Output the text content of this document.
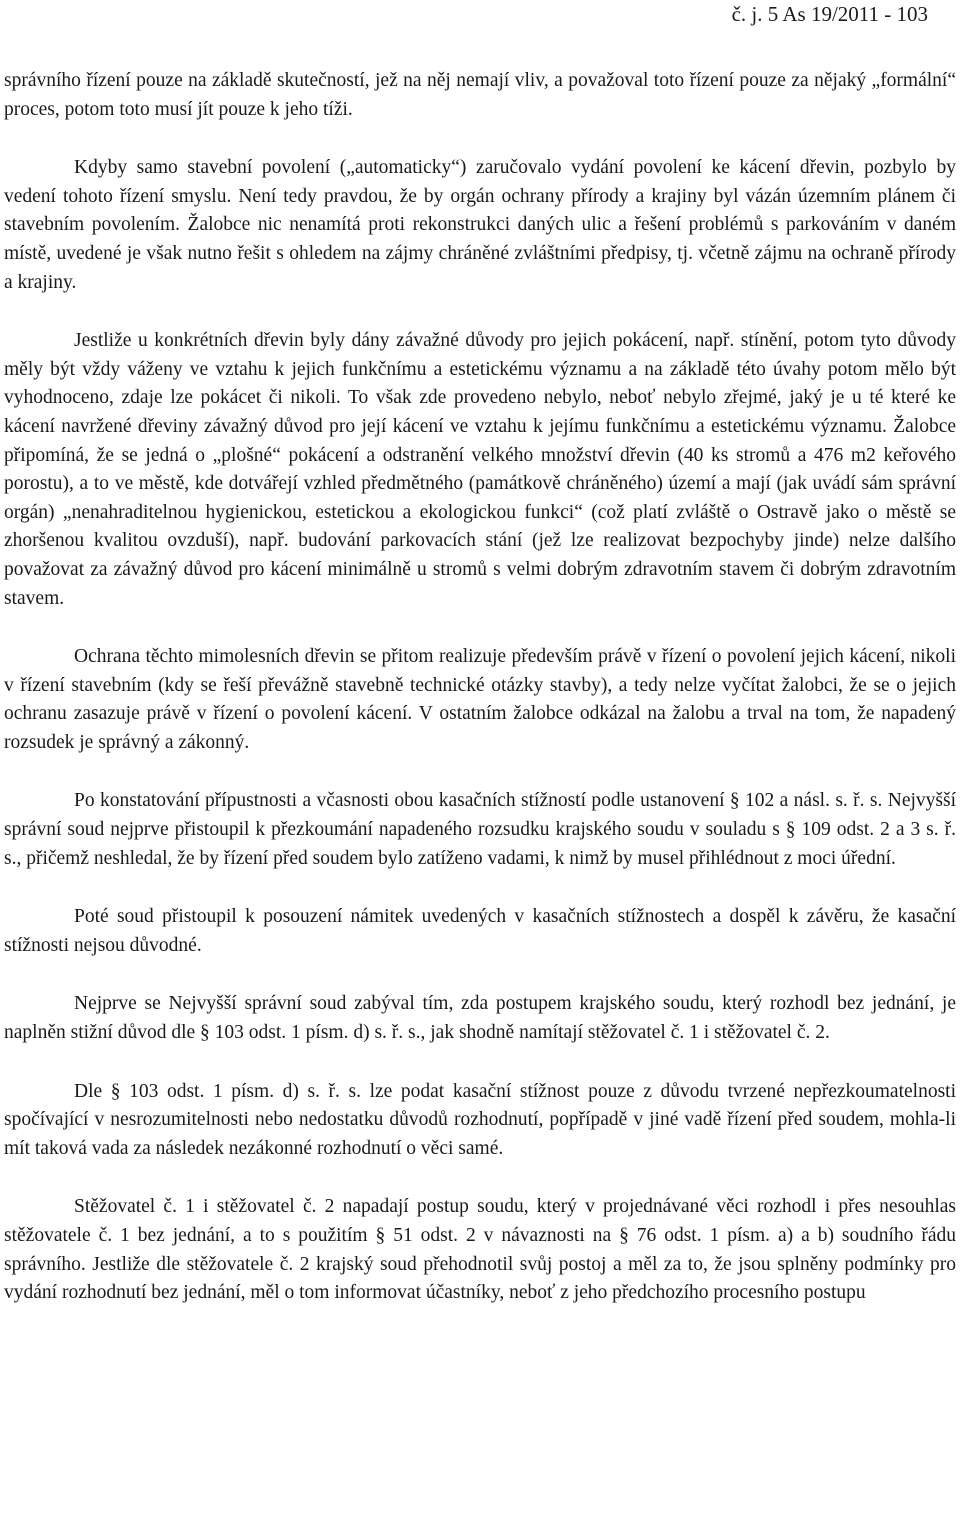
č. j. 5 As 19/2011 - 103

správního řízení pouze na základě skutečností, jež na něj nemají vliv, a považoval toto řízení pouze za nějaký „formální“ proces, potom toto musí jít pouze k jeho tíži.

Kdyby samo stavební povolení („automaticky“) zaručovalo vydání povolení ke kácení dřevin, pozbylo by vedení tohoto řízení smyslu. Není tedy pravdou, že by orgán ochrany přírody a krajiny byl vázán územním plánem či stavebním povolením. Žalobce nic nenamítá proti rekonstrukci daných ulic a řešení problémů s parkováním v daném místě, uvedené je však nutno řešit s ohledem na zájmy chráněné zvláštními předpisy, tj. včetně zájmu na ochraně přírody a krajiny.

Jestliže u konkrétních dřevin byly dány závažné důvody pro jejich pokácení, např. stínění, potom tyto důvody měly být vždy váženy ve vztahu k jejich funkčnímu a estetickému významu a na základě této úvahy potom mělo být vyhodnoceno, zdaje lze pokácet či nikoli. To však zde provedeno nebylo, neboť nebylo zřejmé, jaký je u té které ke kácení navržené dřeviny závažný důvod pro její kácení ve vztahu k jejímu funkčnímu a estetickému významu. Žalobce připomíná, že se jedná o „plošné“ pokácení a odstranění velkého množství dřevin (40 ks stromů a 476 m2 keřového porostu), a to ve městě, kde dotvářejí vzhled předmětného (památkově chráněného) území a mají (jak uvádí sám správní orgán) „nenahraditelnou hygienickou, estetickou a ekologickou funkci“ (což platí zvláště o Ostravě jako o městě se zhoršenou kvalitou ovzduší), např. budování parkovacích stání (jež lze realizovat bezpochyby jinde) nelze dalšího považovat za závažný důvod pro kácení minimálně u stromů s velmi dobrým zdravotním stavem či dobrým zdravotním stavem.

Ochrana těchto mimolesních dřevin se přitom realizuje především právě v řízení o povolení jejich kácení, nikoli v řízení stavebním (kdy se řeší převážně stavebně technické otázky stavby), a tedy nelze vyčítat žalobci, že se o jejich ochranu zasazuje právě v řízení o povolení kácení. V ostatním žalobce odkázal na žalobu a trval na tom, že napadený rozsudek je správný a zákonný.

Po konstatování přípustnosti a včasnosti obou kasačních stížností podle ustanovení § 102 a násl. s. ř. s. Nejvyšší správní soud nejprve přistoupil k přezkoumání napadeného rozsudku krajského soudu v souladu s § 109 odst. 2 a 3 s. ř. s., přičemž neshledal, že by řízení před soudem bylo zatíženo vadami, k nimž by musel přihlédnout z moci úřední.

Poté soud přistoupil k posouzení námitek uvedených v kasačních stížnostech a dospěl k závěru, že kasační stížnosti nejsou důvodné.

Nejprve se Nejvyšší správní soud zabýval tím, zda postupem krajského soudu, který rozhodl bez jednání, je naplněn stižní důvod dle § 103 odst. 1 písm. d) s. ř. s., jak shodně namítají stěžovatel č. 1 i stěžovatel č. 2.

Dle § 103 odst. 1 písm. d) s. ř. s. lze podat kasační stížnost pouze z důvodu tvrzené nepřezkoumatelnosti spočívající v nesrozumitelnosti nebo nedostatku důvodů rozhodnutí, popřípadě v jiné vadě řízení před soudem, mohla-li mít taková vada za následek nezákonné rozhodnutí o věci samé.

Stěžovatel č. 1 i stěžovatel č. 2 napadají postup soudu, který v projednávané věci rozhodl i přes nesouhlas stěžovatele č. 1 bez jednání, a to s použitím § 51 odst. 2 v návaznosti na § 76 odst. 1 písm. a) a b) soudního řádu správního. Jestliže dle stěžovatele č. 2 krajský soud přehodnotil svůj postoj a měl za to, že jsou splněny podmínky pro vydání rozhodnutí bez jednání, měl o tom informovat účastníky, neboť z jeho předchozího procesního postupu
